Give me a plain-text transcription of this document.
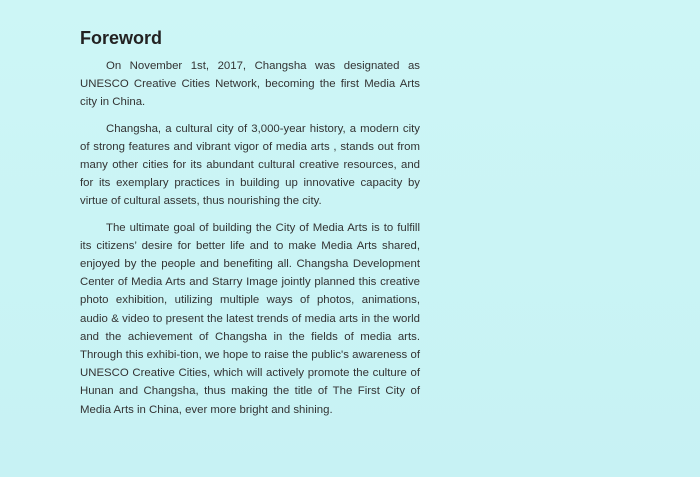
Foreword

On November 1st, 2017, Changsha was designated as UNESCO Creative Cities Network, becoming the first Media Arts city in China.

Changsha, a cultural city of 3,000-year history, a modern city of strong features and vibrant vigor of media arts , stands out from many other cities for its abundant cultural creative resources, and for its exemplary practices in building up innovative capacity by virtue of cultural assets, thus nourishing the city.

The ultimate goal of building the City of Media Arts is to fulfill its citizens’ desire for better life and to make Media Arts shared, enjoyed by the people and benefiting all. Changsha Development Center of Media Arts and Starry Image jointly planned this creative photo exhibition, utilizing multiple ways of photos, animations, audio & video to present the latest trends of media arts in the world and the achievement of Changsha in the fields of media arts. Through this exhibi-tion, we hope to raise the public's awareness of UNESCO Creative Cities, which will actively promote the culture of Hunan and Changsha, thus making the title of The First City of Media Arts in China, ever more bright and shining.
